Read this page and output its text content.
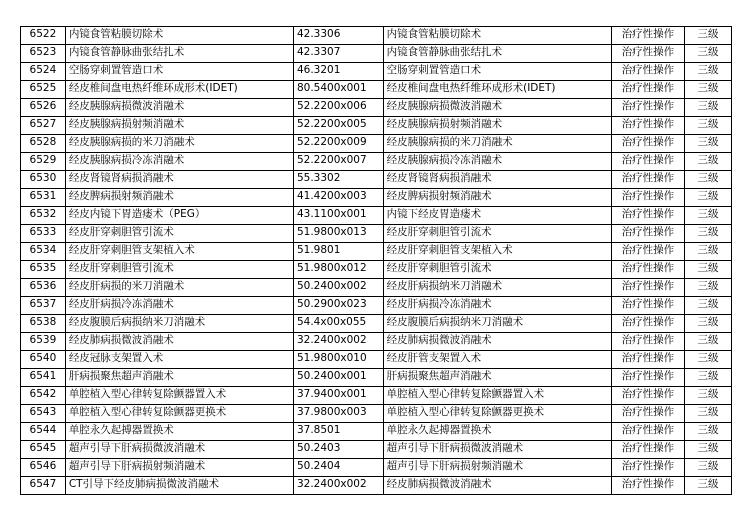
6522	内镜食管粘膜切除术	42.3306	内镜食管粘膜切除术	治疗性操作	三级
6523	内镜食管静脉曲张结扎术	42.3307	内镜食管静脉曲张结扎术	治疗性操作	三级
6524	空肠穿刺置管造口术	46.3201	空肠穿刺置管造口术	治疗性操作	三级
6525	经皮椎间盘电热纤维环成形术(IDET)	80.5400x001	经皮椎间盘电热纤维环成形术(IDET)	治疗性操作	三级
6526	经皮胰腺病损微波消融术	52.2200x006	经皮胰腺病损微波消融术	治疗性操作	三级
6527	经皮胰腺病损射频消融术	52.2200x005	经皮胰腺病损射频消融术	治疗性操作	三级
6528	经皮胰腺病损的米刀消融术	52.2200x009	经皮胰腺病损的米刀消融术	治疗性操作	三级
6529	经皮胰腺病损冷冻消融术	52.2200x007	经皮胰腺病损冷冻消融术	治疗性操作	三级
6530	经皮肾镜肾病损消融术	55.3302	经皮肾镜肾病损消融术	治疗性操作	三级
6531	经皮脾病损射频消融术	41.4200x003	经皮脾病损射频消融术	治疗性操作	三级
6532	经皮内镜下胃造瘘术（PEG）	43.1100x001	内镜下经皮胃造瘘术	治疗性操作	三级
6533	经皮肝穿刺胆管引流术	51.9800x013	经皮肝穿刺胆管引流术	治疗性操作	三级
6534	经皮肝穿刺胆管支架植入术	51.9801	经皮肝穿刺胆管支架植入术	治疗性操作	三级
6535	经皮肝穿刺胆管引流术	51.9800x012	经皮肝穿刺胆管引流术	治疗性操作	三级
6536	经皮肝病损的米刀消融术	50.2400x002	经皮肝病损纳米刀消融术	治疗性操作	三级
6537	经皮肝病损冷冻消融术	50.2900x023	经皮肝病损冷冻消融术	治疗性操作	三级
6538	经皮腹膜后病损纳米刀消融术	54.4x00x055	经皮腹膜后病损纳米刀消融术	治疗性操作	三级
6539	经皮肺病损微波消融术	32.2400x002	经皮肺病损微波消融术	治疗性操作	三级
6540	经皮冠脉支架置入术	51.9800x010	经皮肝管支架置入术	治疗性操作	三级
6541	肝病损聚焦超声消融术	50.2400x001	肝病损聚焦超声消融术	治疗性操作	三级
6542	单腔植入型心律转复除颤器置入术	37.9400x001	单腔植入型心律转复除颤器置入术	治疗性操作	三级
6543	单腔植入型心律转复除颤器更换术	37.9800x003	单腔植入型心律转复除颤器更换术	治疗性操作	三级
6544	单腔永久起搏器置换术	37.8501	单腔永久起搏器置换术	治疗性操作	三级
6545	超声引导下肝病损微波消融术	50.2403	超声引导下肝病损微波消融术	治疗性操作	三级
6546	超声引导下肝病损射频消融术	50.2404	超声引导下肝病损射频消融术	治疗性操作	三级
6547	CT引导下经皮肺病损微波消融术	32.2400x002	经皮肺病损微波消融术	治疗性操作	三级
